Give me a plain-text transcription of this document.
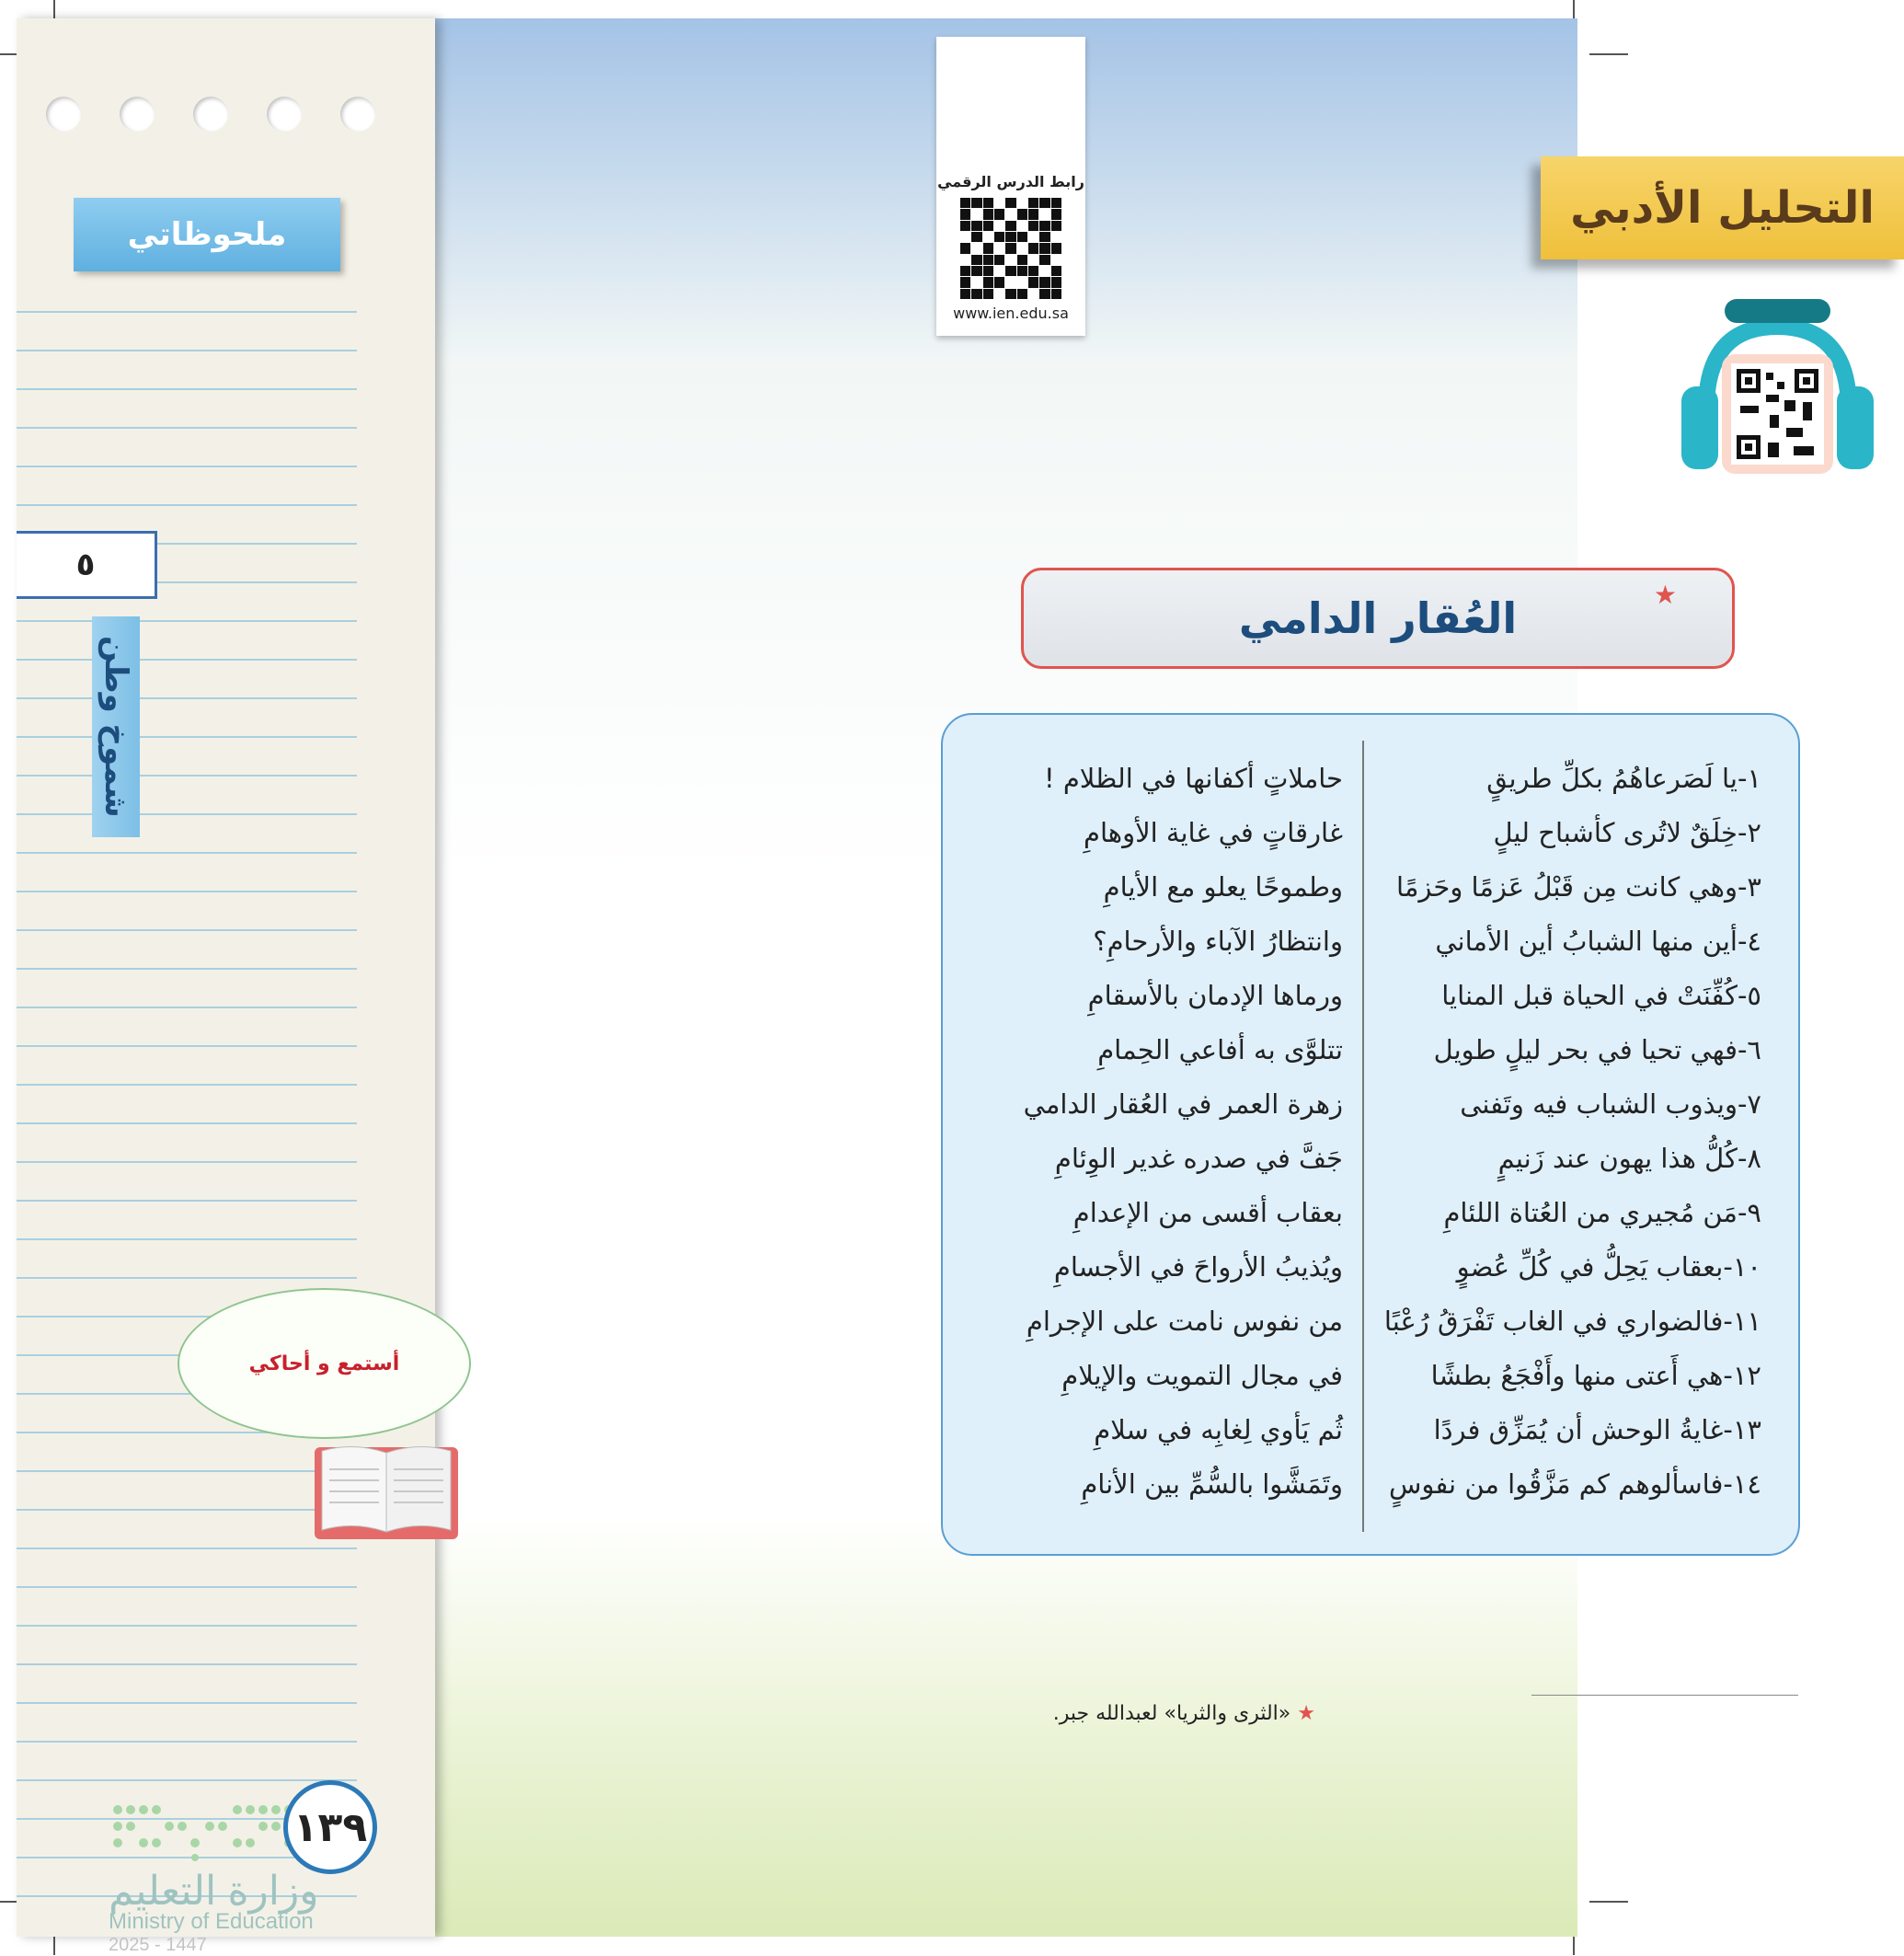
رابط الدرس الرقمي
www.ien.edu.sa
التحليل الأدبي
العُقار الدامي	★
١-يا لَصَرعاهُمُ بكلِّ طريقٍ
٢-خِلَقٌ لاتُرى كأشباح ليلٍ
٣-وهي كانت مِن قَبْلُ عَزمًا وحَزمًا
٤-أين منها الشبابُ أين الأماني
٥-كُفِّنَتْ في الحياة قبل المنايا
٦-فهي تحيا في بحر ليلٍ طويل
٧-ويذوب الشباب فيه وتَفنى
٨-كُلُّ هذا يهون عند زَنيمٍ
٩-مَن مُجيري من العُتاة اللئامِ
١٠-بعقاب يَحِلُّ في كُلِّ عُضوٍ
١١-فالضواري في الغاب تَفْرَقُ رُعْبًا
١٢-هي أَعتى منها وأَفْجَعُ بطشًا
١٣-غايةُ الوحش أن يُمَزِّق فردًا
١٤-فاسألوهم كم مَزَّقُوا من نفوسٍ
حاملاتٍ أكفانها في الظلام !
غارقاتٍ في غاية الأوهامِ
وطموحًا يعلو مع الأيامِ
وانتظارُ الآباء والأرحامِ؟
ورماها الإدمان بالأسقامِ
تتلوَّى به أفاعي الحِمامِ
زهرة العمر في العُقار الدامي
جَفَّ في صدره غدير الوِئامِ
بعقاب أقسى من الإعدامِ
ويُذيبُ الأرواحَ في الأجسامِ
من نفوس نامت على الإجرامِ
في مجال التمويت والإيلامِ
ثُم يَأوي لِغابِه في سلامِ
وتَمَشَّوا بالسُّمِّ بين الأنامِ
★ «الثرى والثريا» لعبدالله جبر.
ملحوظاتي
٥
شموخ وطن
أستمع و أحاكي
وزارة التعليم
Ministry of Education
2025 - 1447
١٣٩
